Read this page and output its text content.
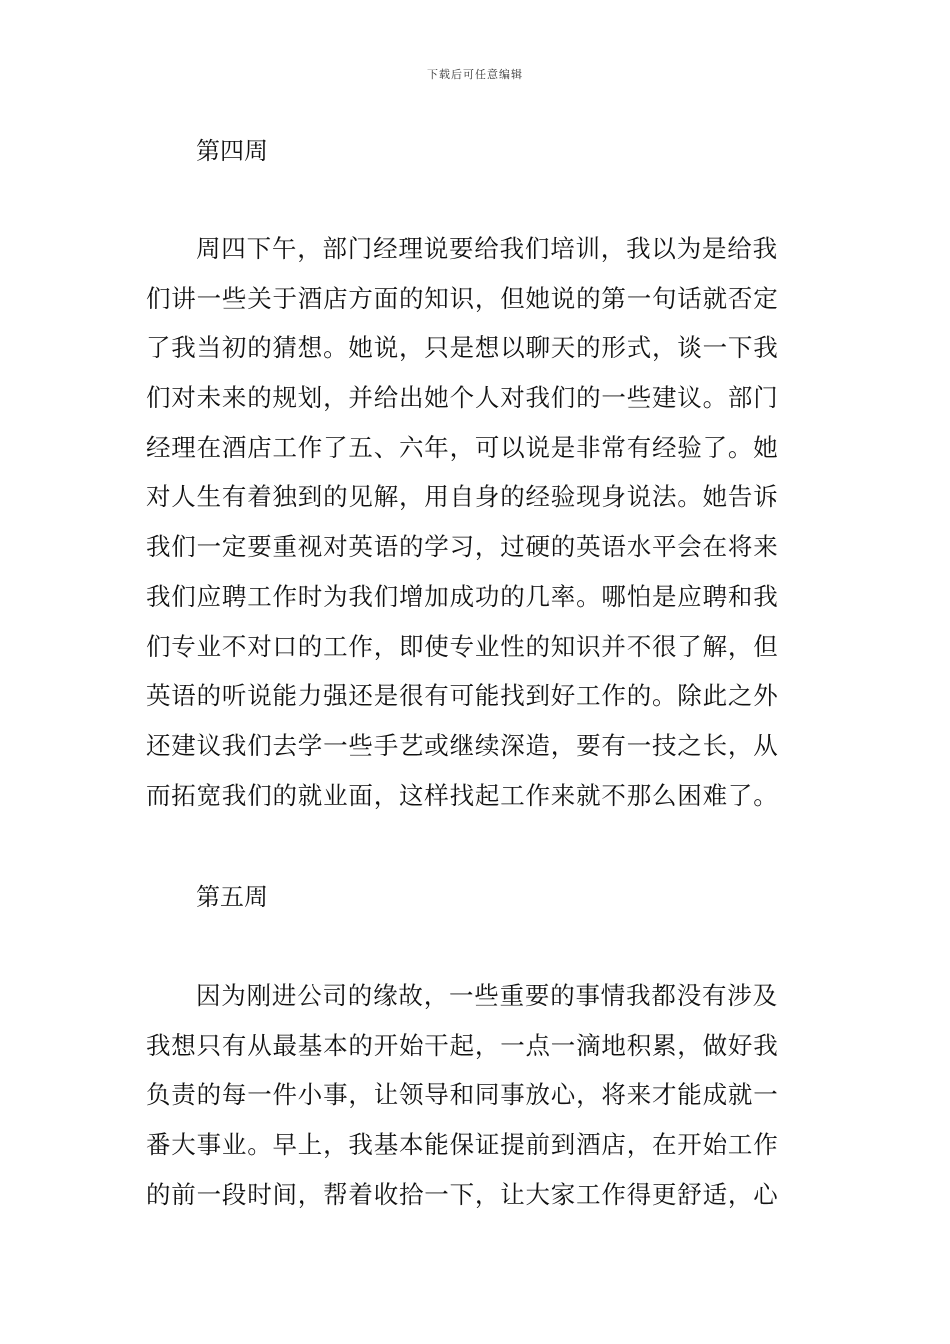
下载后可任意编辑
第四周
周四下午，部门经理说要给我们培训，我以为是给我
们讲一些关于酒店方面的知识，但她说的第一句话就否定
了我当初的猜想。她说，只是想以聊天的形式，谈一下我
们对未来的规划，并给出她个人对我们的一些建议。部门
经理在酒店工作了五、六年，可以说是非常有经验了。她
对人生有着独到的见解，用自身的经验现身说法。她告诉
我们一定要重视对英语的学习，过硬的英语水平会在将来
我们应聘工作时为我们增加成功的几率。哪怕是应聘和我
们专业不对口的工作，即使专业性的知识并不很了解，但
英语的听说能力强还是很有可能找到好工作的。除此之外
还建议我们去学一些手艺或继续深造，要有一技之长，从
而拓宽我们的就业面，这样找起工作来就不那么困难了。
第五周
因为刚进公司的缘故，一些重要的事情我都没有涉及
我想只有从最基本的开始干起，一点一滴地积累，做好我
负责的每一件小事，让领导和同事放心，将来才能成就一
番大事业。早上，我基本能保证提前到酒店，在开始工作
的前一段时间，帮着收拾一下，让大家工作得更舒适，心
